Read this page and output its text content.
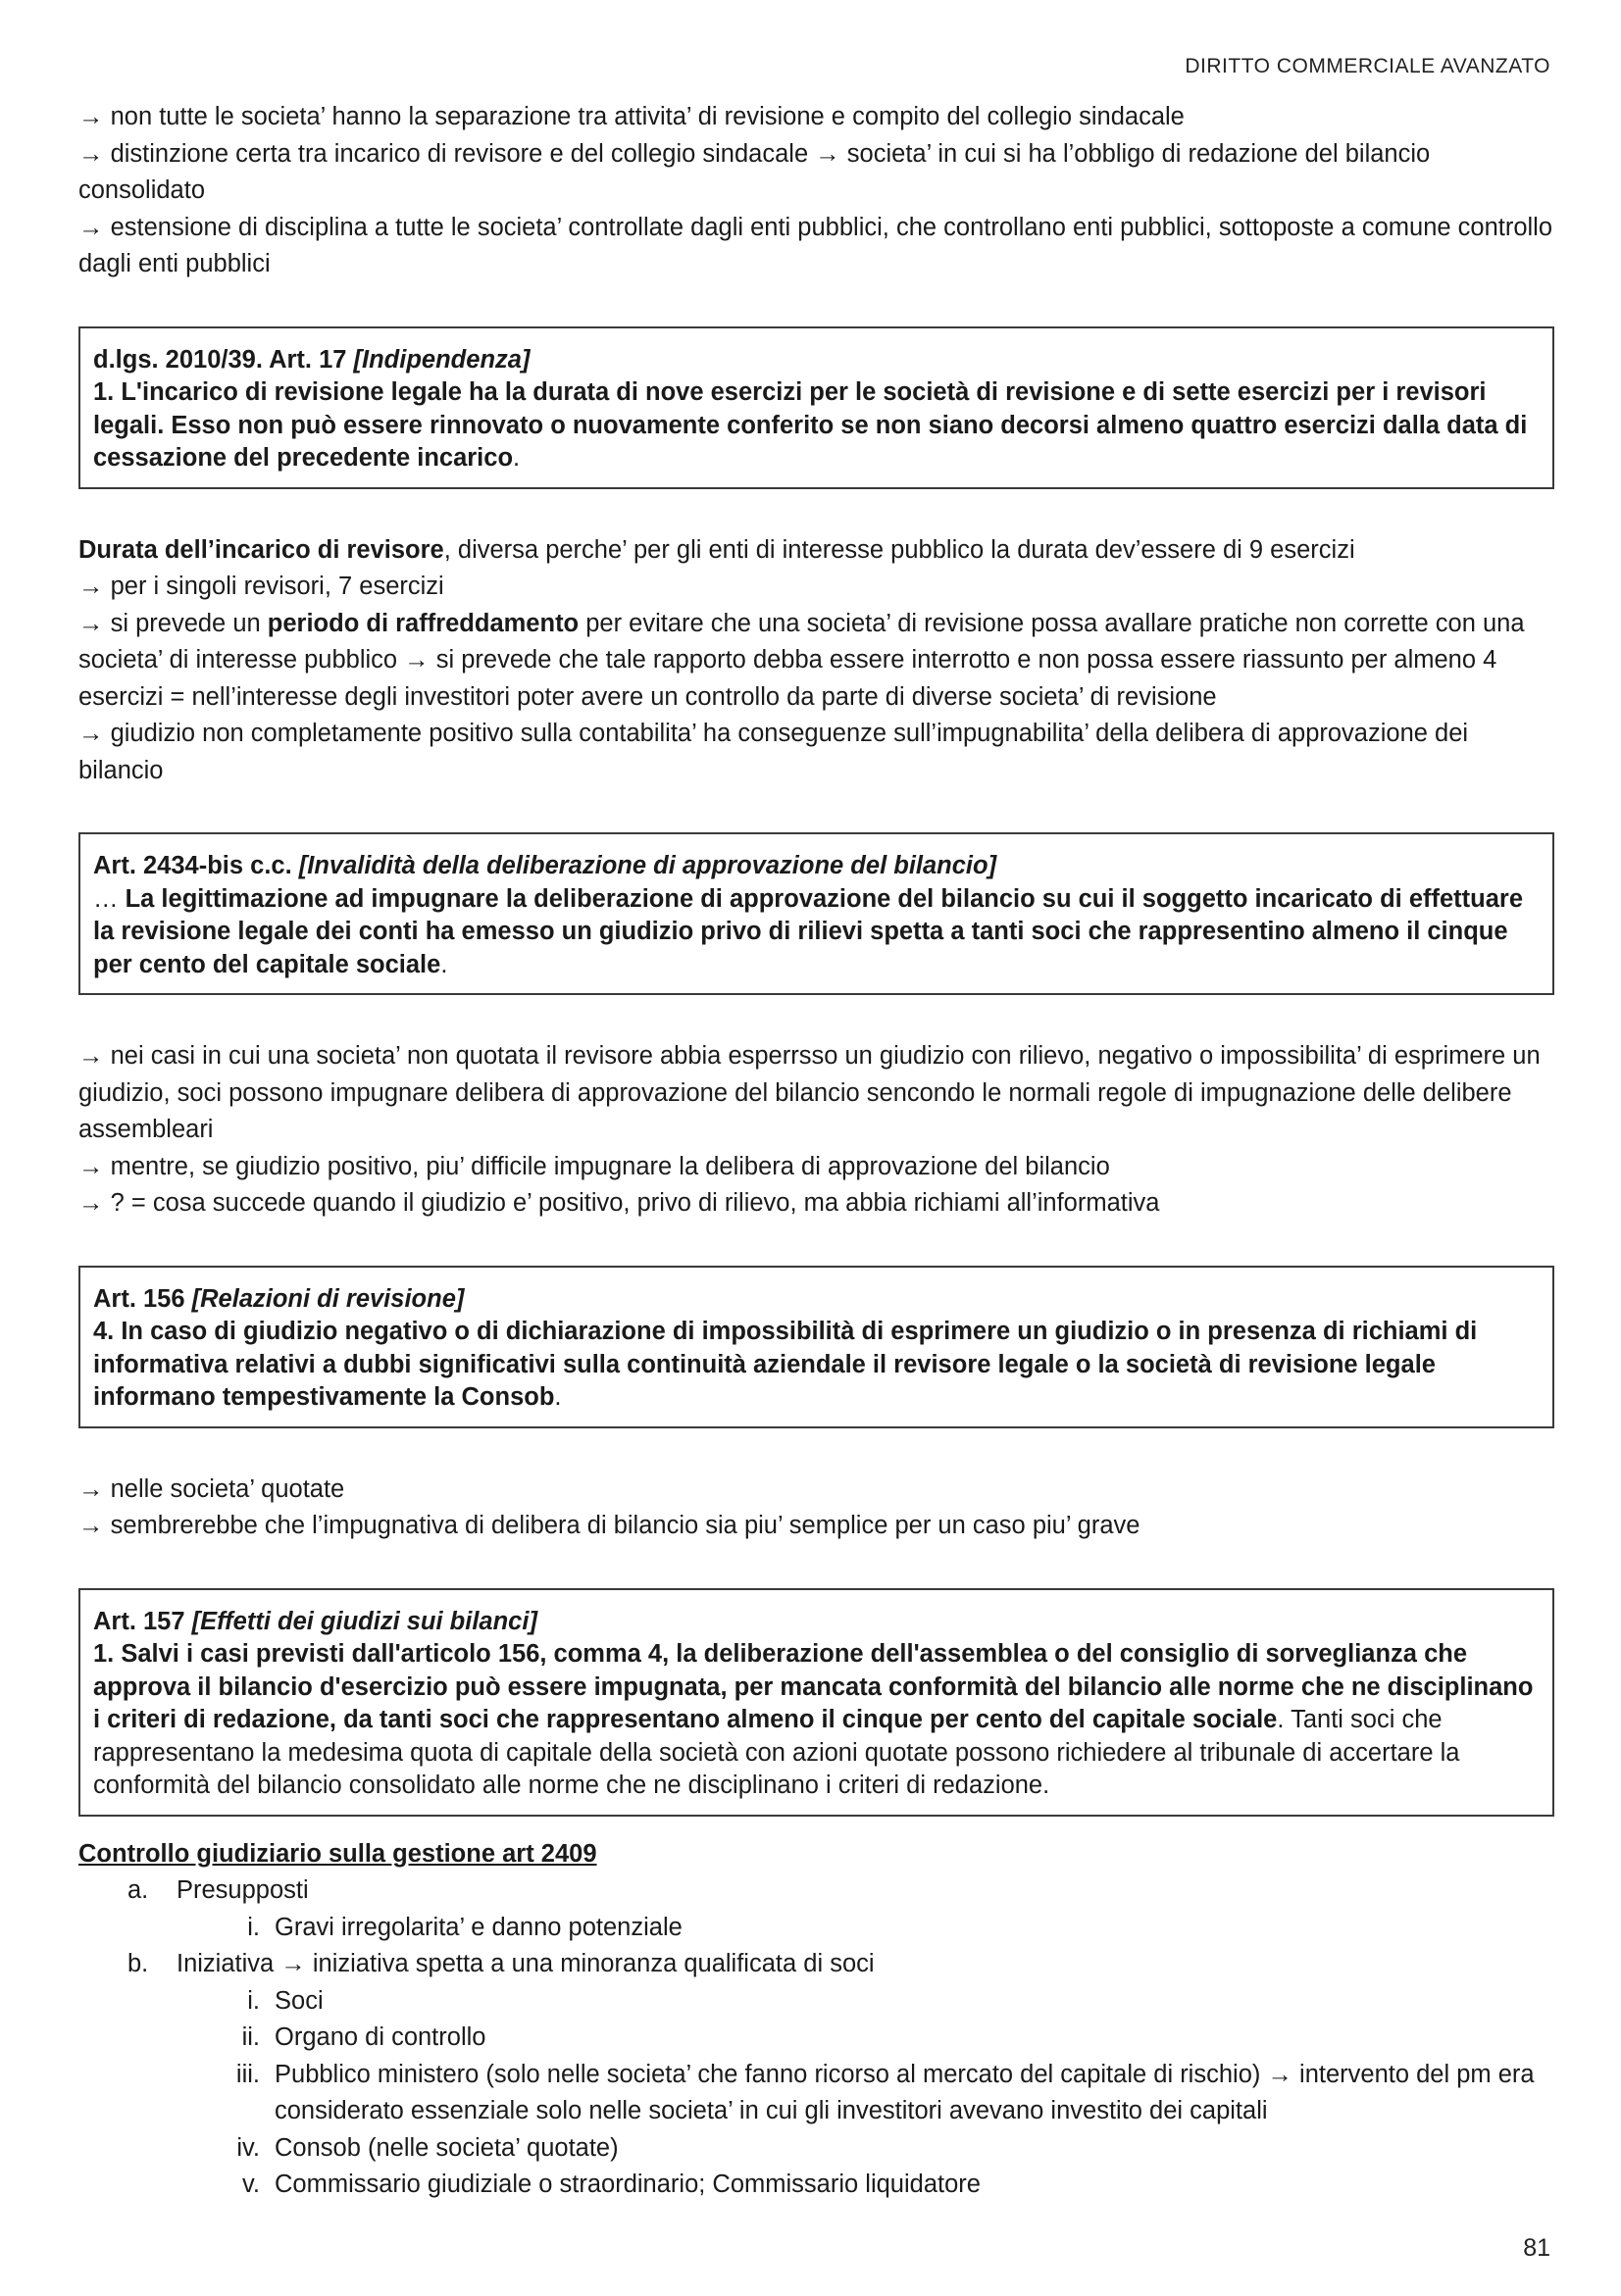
DIRITTO COMMERCIALE AVANZATO

→ non tutte le societa’ hanno la separazione tra attivita’ di revisione e compito del collegio sindacale

→ distinzione certa tra incarico di revisore e del collegio sindacale → societa’ in cui si ha l’obbligo di redazione del bilancio consolidato

→ estensione di disciplina a tutte le societa’ controllate dagli enti pubblici, che controllano enti pubblici, sottoposte a comune controllo dagli enti pubblici

d.lgs. 2010/39. Art. 17 [Indipendenza]
1. L'incarico di revisione legale ha la durata di nove esercizi per le società di revisione e di sette esercizi per i revisori legali. Esso non può essere rinnovato o nuovamente conferito se non siano decorsi almeno quattro esercizi dalla data di cessazione del precedente incarico.

Durata dell’incarico di revisore, diversa perche’ per gli enti di interesse pubblico la durata dev’essere di 9 esercizi

→ per i singoli revisori, 7 esercizi

→ si prevede un periodo di raffreddamento per evitare che una societa’ di revisione possa avallare pratiche non corrette con una societa’ di interesse pubblico → si prevede che tale rapporto debba essere interrotto e non possa essere riassunto per almeno 4 esercizi = nell’interesse degli investitori poter avere un controllo da parte di diverse societa’ di revisione

→ giudizio non completamente positivo sulla contabilita’ ha conseguenze sull’impugnabilita’ della delibera di approvazione dei bilancio

Art. 2434-bis c.c. [Invalidità della deliberazione di approvazione del bilancio]
… La legittimazione ad impugnare la deliberazione di approvazione del bilancio su cui il soggetto incaricato di effettuare la revisione legale dei conti ha emesso un giudizio privo di rilievi spetta a tanti soci che rappresentino almeno il cinque per cento del capitale sociale.

→ nei casi in cui una societa’ non quotata il revisore abbia esperrsso un giudizio con rilievo, negativo o impossibilita’ di esprimere un giudizio, soci possono impugnare delibera di approvazione del bilancio sencondo le normali regole di impugnazione delle delibere assembleari

→ mentre, se giudizio positivo, piu’ difficile impugnare la delibera di approvazione del bilancio

→ ? = cosa succede quando il giudizio e’ positivo, privo di rilievo, ma abbia richiami all’informativa

Art. 156 [Relazioni di revisione]
4. In caso di giudizio negativo o di dichiarazione di impossibilità di esprimere un giudizio o in presenza di richiami di informativa relativi a dubbi significativi sulla continuità aziendale il revisore legale o la società di revisione legale informano tempestivamente la Consob.

→ nelle societa’ quotate

→ sembrerebbe che l’impugnativa di delibera di bilancio sia piu’ semplice per un caso piu’ grave

Art. 157 [Effetti dei giudizi sui bilanci]
1. Salvi i casi previsti dall'articolo 156, comma 4, la deliberazione dell'assemblea o del consiglio di sorveglianza che approva il bilancio d'esercizio può essere impugnata, per mancata conformità del bilancio alle norme che ne disciplinano i criteri di redazione, da tanti soci che rappresentano almeno il cinque per cento del capitale sociale. Tanti soci che rappresentano la medesima quota di capitale della società con azioni quotate possono richiedere al tribunale di accertare la conformità del bilancio consolidato alle norme che ne disciplinano i criteri di redazione.

Controllo giudiziario sulla gestione art 2409

a.	Presupposti
i. Gravi irregolarita’ e danno potenziale
b.	Iniziativa → iniziativa spetta a una minoranza qualificata di soci
i. Soci
ii. Organo di controllo
iii. Pubblico ministero (solo nelle societa’ che fanno ricorso al mercato del capitale di rischio) → intervento del pm era considerato essenziale solo nelle societa’ in cui gli investitori avevano investito dei capitali
iv. Consob (nelle societa’ quotate)
v. Commissario giudiziale o straordinario; Commissario liquidatore
81
